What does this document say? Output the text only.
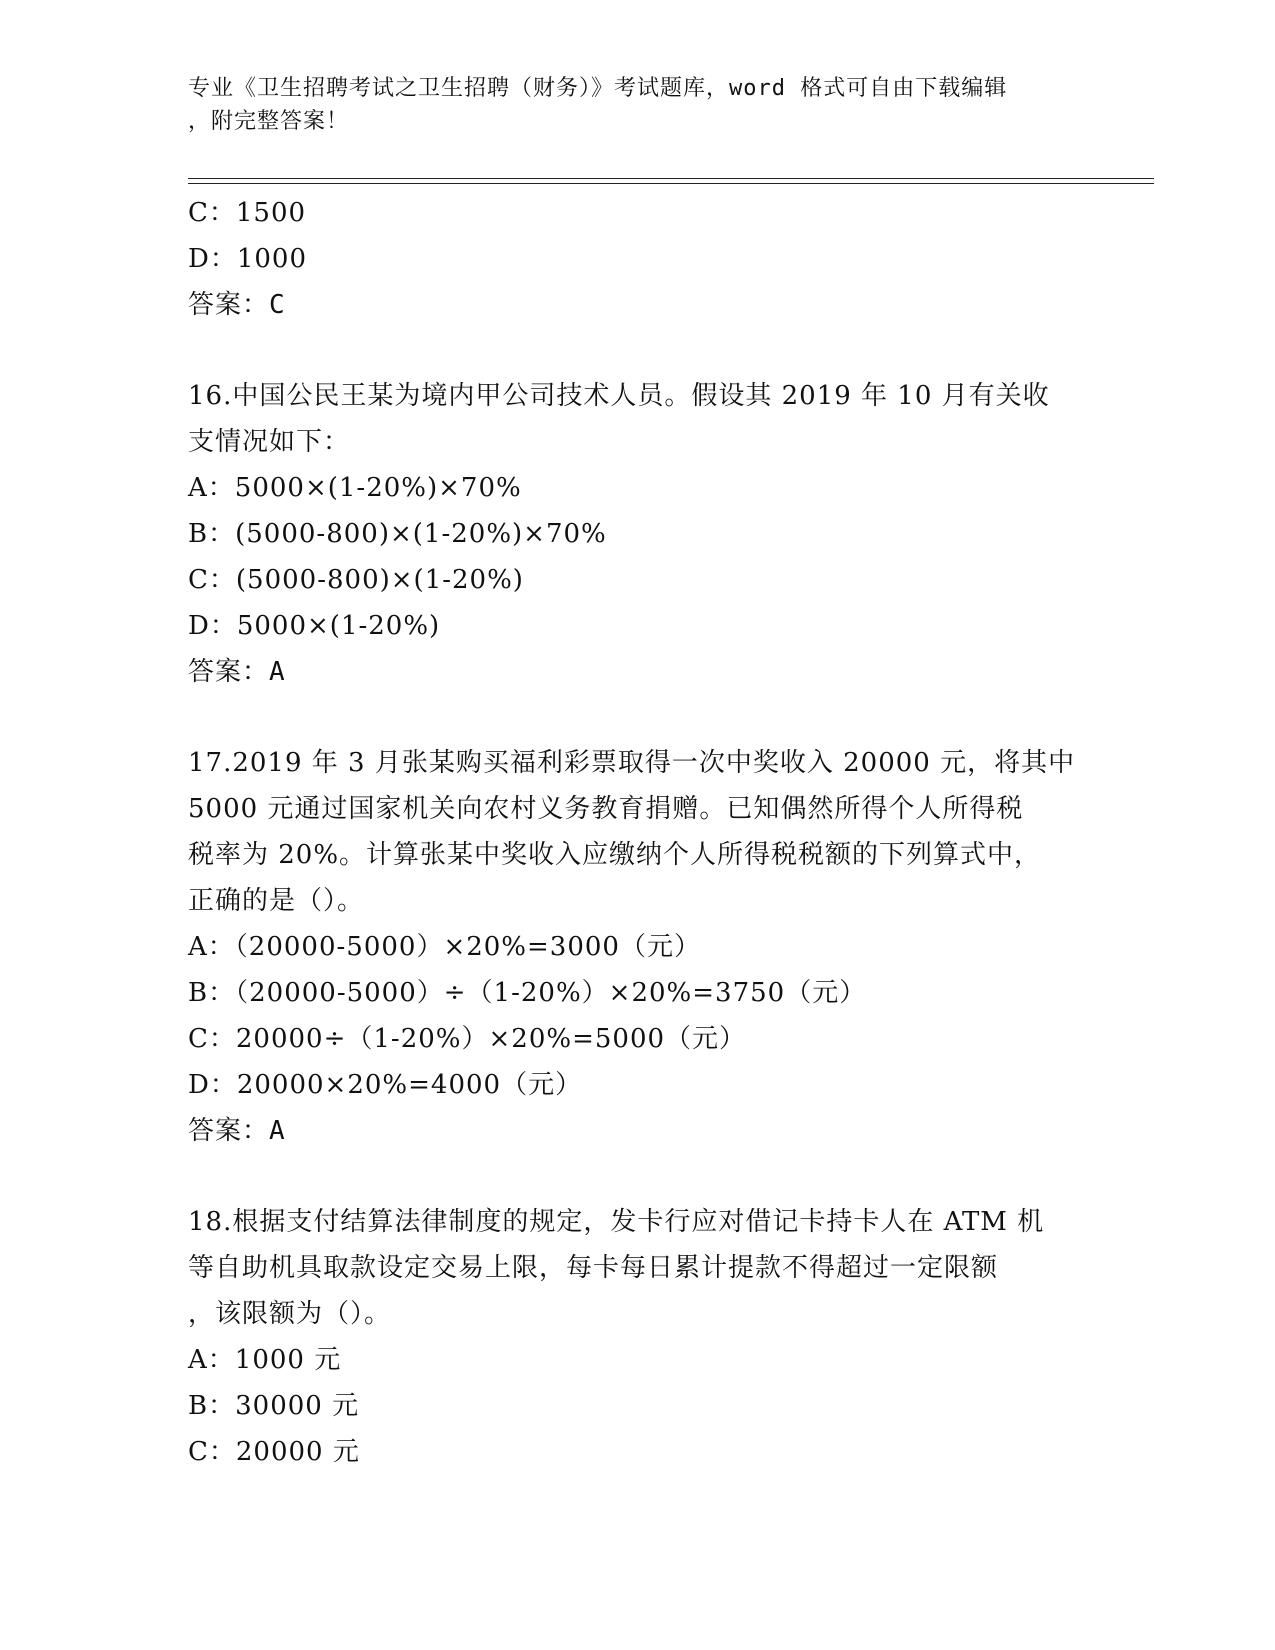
专业《卫生招聘考试之卫生招聘（财务）》考试题库，word 格式可自由下载编辑
，附完整答案！
C：1500
D：1000
答案：C
16.中国公民王某为境内甲公司技术人员。假设其 2019 年 10 月有关收
支情况如下：
A：5000×(1-20%)×70%
B：(5000-800)×(1-20%)×70%
C：(5000-800)×(1-20%)
D：5000×(1-20%)
答案：A
17.2019 年 3 月张某购买福利彩票取得一次中奖收入 20000 元，将其中
5000 元通过国家机关向农村义务教育捐赠。已知偶然所得个人所得税
税率为 20%。计算张某中奖收入应缴纳个人所得税税额的下列算式中，
正确的是（）。
A：（20000-5000）×20%=3000（元）
B：（20000-5000）÷（1-20%）×20%=3750（元）
C：20000÷（1-20%）×20%=5000（元）
D：20000×20%=4000（元）
答案：A
18.根据支付结算法律制度的规定，发卡行应对借记卡持卡人在 ATM 机
等自助机具取款设定交易上限，每卡每日累计提款不得超过一定限额
，该限额为（）。
A：1000 元
B：30000 元
C：20000 元
